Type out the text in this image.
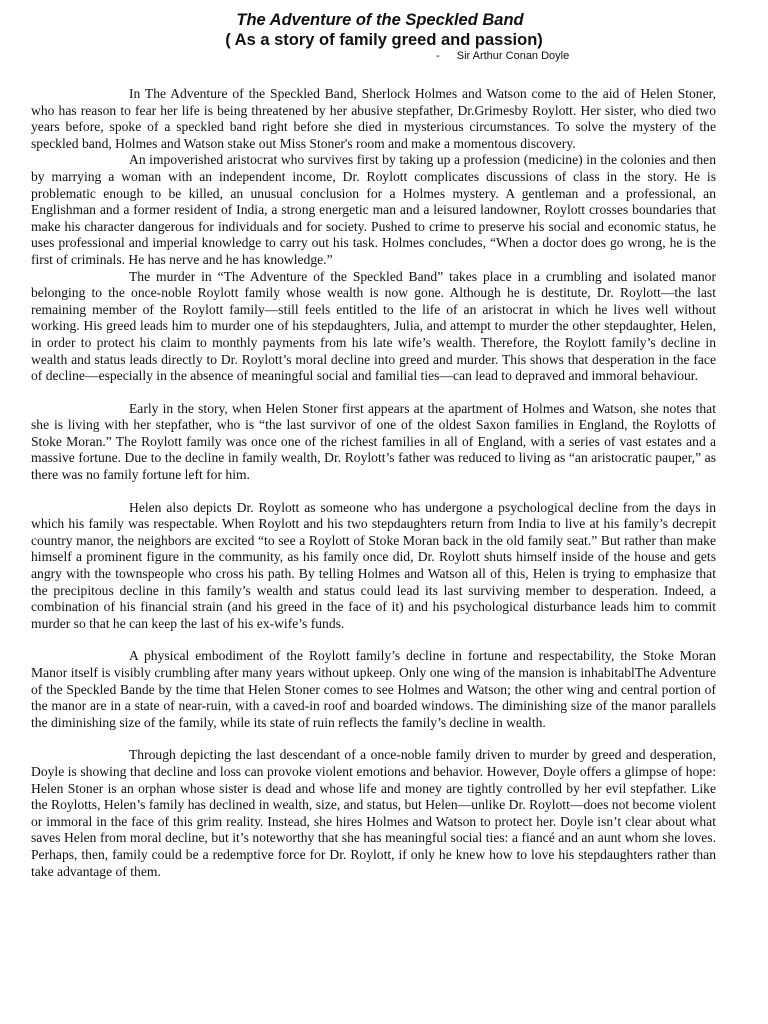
The Adventure of the Speckled Band
( As a story of family greed and passion)
- Sir Arthur Conan Doyle

In The Adventure of the Speckled Band, Sherlock Holmes and Watson come to the aid of Helen Stoner, who has reason to fear her life is being threatened by her abusive stepfather, Dr.Grimesby Roylott. Her sister, who died two years before, spoke of a speckled band right before she died in mysterious circumstances. To solve the mystery of the speckled band, Holmes and Watson stake out Miss Stoner's room and make a momentous discovery.

An impoverished aristocrat who survives first by taking up a profession (medicine) in the colonies and then by marrying a woman with an independent income, Dr. Roylott complicates discussions of class in the story. He is problematic enough to be killed, an unusual conclusion for a Holmes mystery. A gentleman and a professional, an Englishman and a former resident of India, a strong energetic man and a leisured landowner, Roylott crosses boundaries that make his character dangerous for individuals and for society. Pushed to crime to preserve his social and economic status, he uses professional and imperial knowledge to carry out his task. Holmes concludes, “When a doctor does go wrong, he is the first of criminals. He has nerve and he has knowledge.”

The murder in “The Adventure of the Speckled Band” takes place in a crumbling and isolated manor belonging to the once-noble Roylott family whose wealth is now gone. Although he is destitute, Dr. Roylott—the last remaining member of the Roylott family—still feels entitled to the life of an aristocrat in which he lives well without working. His greed leads him to murder one of his stepdaughters, Julia, and attempt to murder the other stepdaughter, Helen, in order to protect his claim to monthly payments from his late wife’s wealth. Therefore, the Roylott family’s decline in wealth and status leads directly to Dr. Roylott’s moral decline into greed and murder. This shows that desperation in the face of decline—especially in the absence of meaningful social and familial ties—can lead to depraved and immoral behaviour.

Early in the story, when Helen Stoner first appears at the apartment of Holmes and Watson, she notes that she is living with her stepfather, who is “the last survivor of one of the oldest Saxon families in England, the Roylotts of Stoke Moran.” The Roylott family was once one of the richest families in all of England, with a series of vast estates and a massive fortune. Due to the decline in family wealth, Dr. Roylott’s father was reduced to living as “an aristocratic pauper,” as there was no family fortune left for him.

Helen also depicts Dr. Roylott as someone who has undergone a psychological decline from the days in which his family was respectable. When Roylott and his two stepdaughters return from India to live at his family’s decrepit country manor, the neighbors are excited “to see a Roylott of Stoke Moran back in the old family seat.” But rather than make himself a prominent figure in the community, as his family once did, Dr. Roylott shuts himself inside of the house and gets angry with the townspeople who cross his path. By telling Holmes and Watson all of this, Helen is trying to emphasize that the precipitous decline in this family’s wealth and status could lead its last surviving member to desperation. Indeed, a combination of his financial strain (and his greed in the face of it) and his psychological disturbance leads him to commit murder so that he can keep the last of his ex-wife’s funds.

A physical embodiment of the Roylott family’s decline in fortune and respectability, the Stoke Moran Manor itself is visibly crumbling after many years without upkeep. Only one wing of the mansion is inhabitablThe Adventure of the Speckled Bande by the time that Helen Stoner comes to see Holmes and Watson; the other wing and central portion of the manor are in a state of near-ruin, with a caved-in roof and boarded windows. The diminishing size of the manor parallels the diminishing size of the family, while its state of ruin reflects the family’s decline in wealth.

Through depicting the last descendant of a once-noble family driven to murder by greed and desperation, Doyle is showing that decline and loss can provoke violent emotions and behavior. However, Doyle offers a glimpse of hope: Helen Stoner is an orphan whose sister is dead and whose life and money are tightly controlled by her evil stepfather. Like the Roylotts, Helen’s family has declined in wealth, size, and status, but Helen—unlike Dr. Roylott—does not become violent or immoral in the face of this grim reality. Instead, she hires Holmes and Watson to protect her. Doyle isn’t clear about what saves Helen from moral decline, but it’s noteworthy that she has meaningful social ties: a fiancé and an aunt whom she loves. Perhaps, then, family could be a redemptive force for Dr. Roylott, if only he knew how to love his stepdaughters rather than take advantage of them.
